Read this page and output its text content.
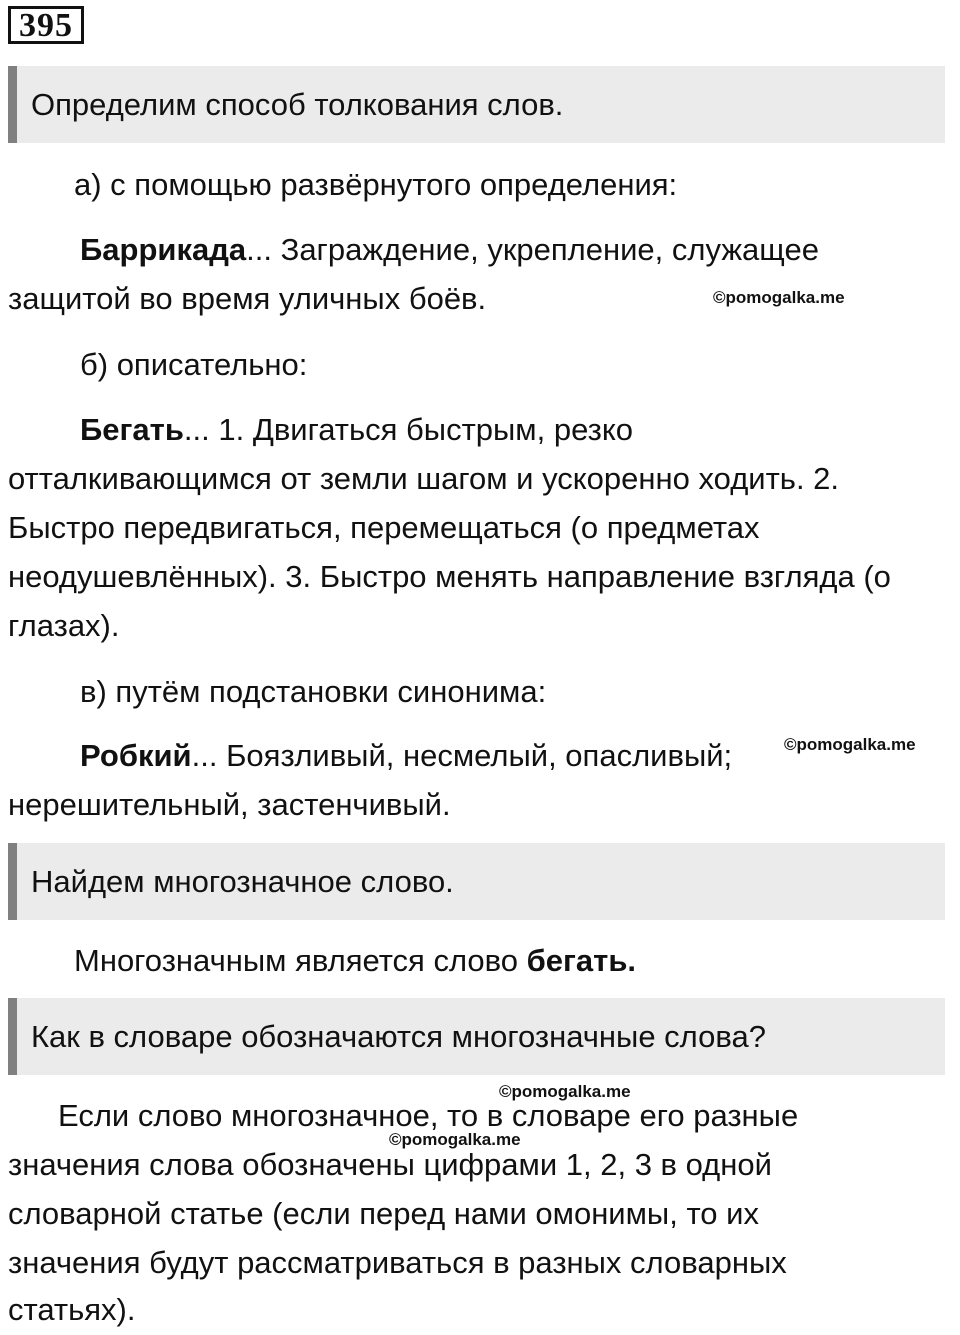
395
Определим способ толкования слов.
а) с помощью развёрнутого определения:
Баррикада... Заграждение, укрепление, служащее
защитой во время уличных боёв.	©pomogalka.me
б) описательно:
Бегать... 1. Двигаться быстрым, резко
отталкивающимся от земли шагом и ускоренно ходить. 2.
Быстро передвигаться, перемещаться (о предметах
неодушевлённых). 3. Быстро менять направление взгляда (о
глазах).
в) путём подстановки синонима:
Робкий... Боязливый, несмелый, опасливый;	©pomogalka.me
нерешительный, застенчивый.
Найдем многозначное слово.
Многозначным является слово бегать.
Как в словаре обозначаются многозначные слова?
©pomogalka.me
Если слово многозначное, то в словаре его разные
©pomogalka.me
значения слова обозначены цифрами 1, 2, 3 в одной
словарной статье (если перед нами омонимы, то их
значения будут рассматриваться в разных словарных
статьях).
